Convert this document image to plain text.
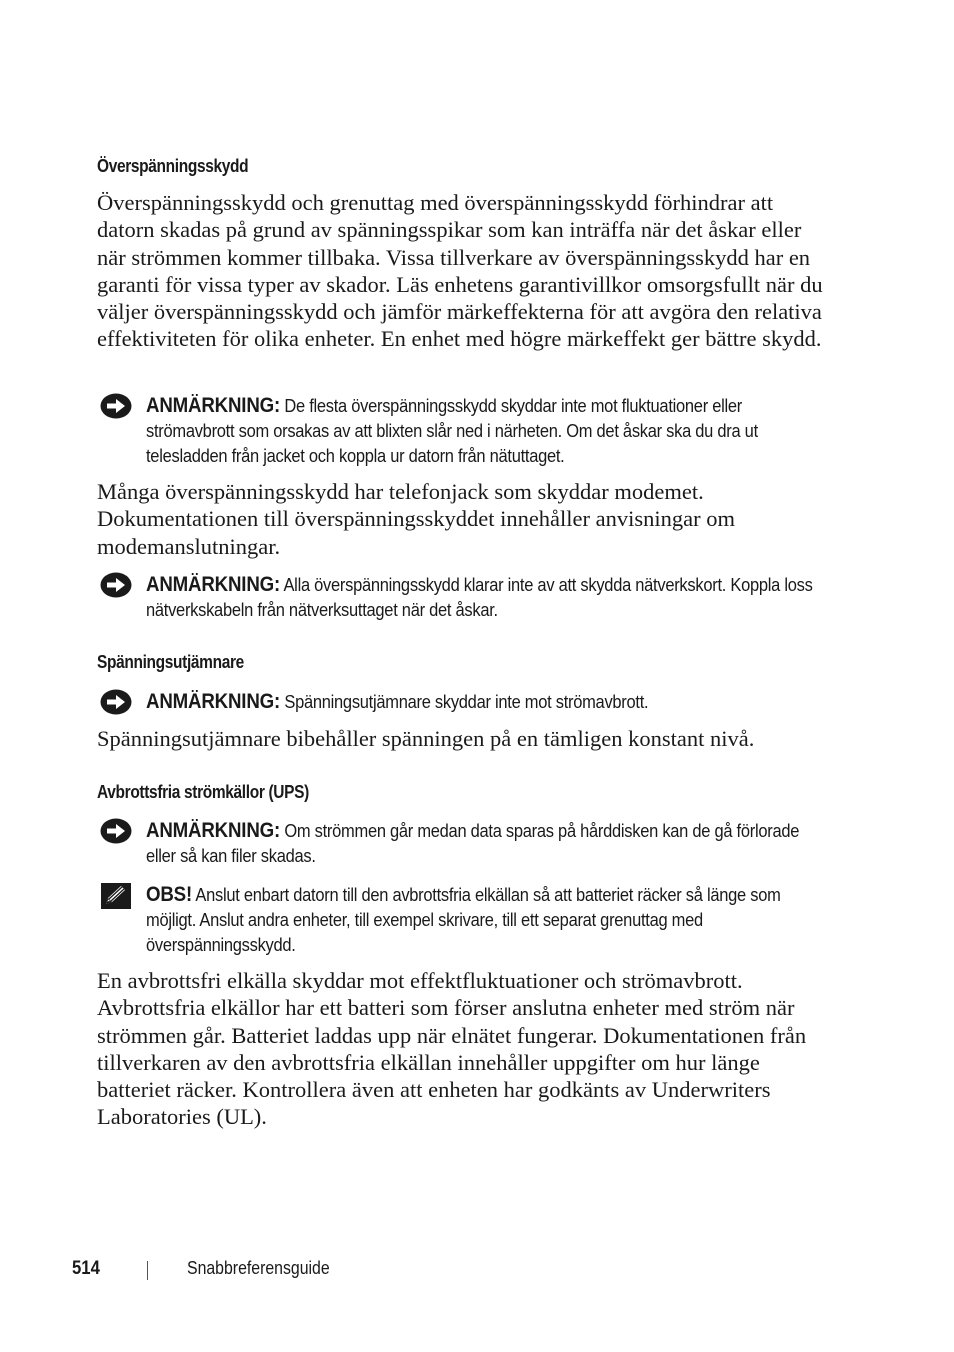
Överspänningsskydd

Överspänningsskydd och grenuttag med överspänningsskydd förhindrar att datorn skadas på grund av spänningsspikar som kan inträffa när det åskar eller när strömmen kommer tillbaka. Vissa tillverkare av överspänningsskydd har en garanti för vissa typer av skador. Läs enhetens garantivillkor omsorgsfullt när du väljer överspänningsskydd och jämför märkeffekterna för att avgöra den relativa effektiviteten för olika enheter. En enhet med högre märkeffekt ger bättre skydd.

ANMÄRKNING: De flesta överspänningsskydd skyddar inte mot fluktuationer eller strömavbrott som orsakas av att blixten slår ned i närheten. Om det åskar ska du dra ut telesladden från jacket och koppla ur datorn från nätuttaget.

Många överspänningsskydd har telefonjack som skyddar modemet. Dokumentationen till överspänningsskyddet innehåller anvisningar om modemanslutningar.

ANMÄRKNING: Alla överspänningsskydd klarar inte av att skydda nätverkskort. Koppla loss nätverkskabeln från nätverksuttaget när det åskar.

Spänningsutjämnare

ANMÄRKNING: Spänningsutjämnare skyddar inte mot strömavbrott.

Spänningsutjämnare bibehåller spänningen på en tämligen konstant nivå.

Avbrottsfria strömkällor (UPS)

ANMÄRKNING: Om strömmen går medan data sparas på hårddisken kan de gå förlorade eller så kan filer skadas.

OBS! Anslut enbart datorn till den avbrottsfria elkällan så att batteriet räcker så länge som möjligt. Anslut andra enheter, till exempel skrivare, till ett separat grenuttag med överspänningsskydd.

En avbrottsfri elkälla skyddar mot effektfluktuationer och strömavbrott. Avbrottsfria elkällor har ett batteri som förser anslutna enheter med ström när strömmen går. Batteriet laddas upp när elnätet fungerar. Dokumentationen från tillverkaren av den avbrottsfria elkällan innehåller uppgifter om hur länge batteriet räcker. Kontrollera även att enheten har godkänts av Underwriters Laboratories (UL).

514	Snabbreferensguide
